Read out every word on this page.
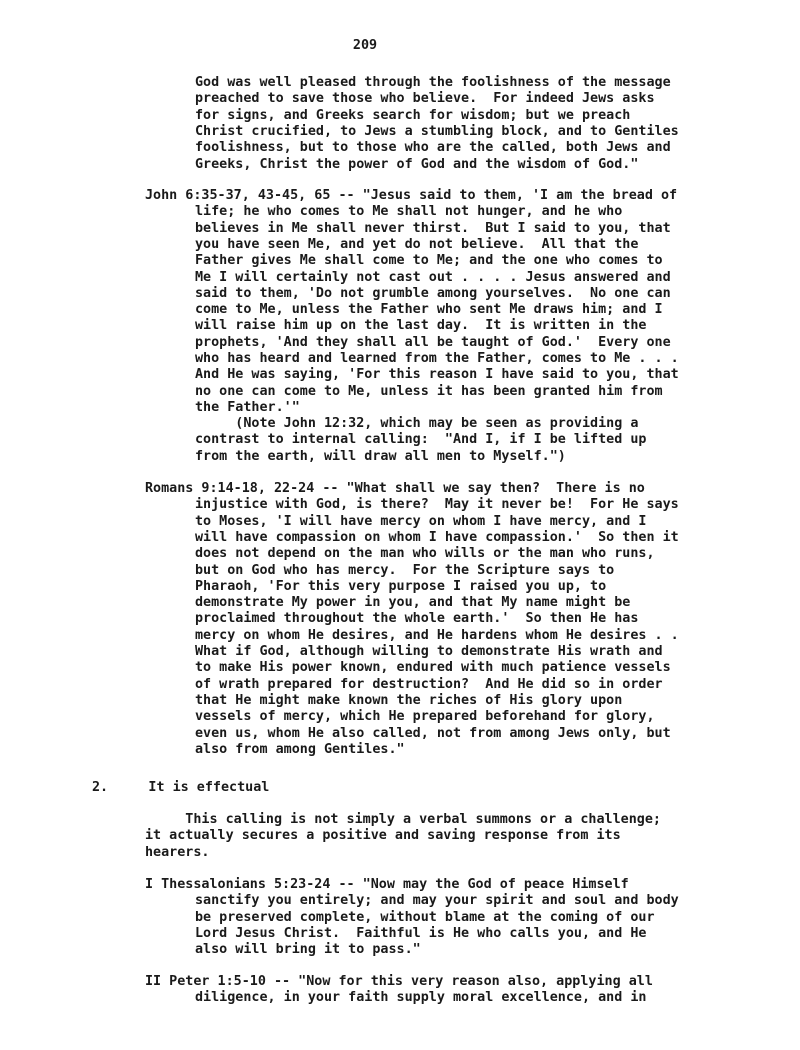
209
God was well pleased through the foolishness of the message
preached to save those who believe.  For indeed Jews asks
for signs, and Greeks search for wisdom; but we preach
Christ crucified, to Jews a stumbling block, and to Gentiles
foolishness, but to those who are the called, both Jews and
Greeks, Christ the power of God and the wisdom of God."
John 6:35-37, 43-45, 65 -- "Jesus said to them, 'I am the bread of
life; he who comes to Me shall not hunger, and he who
believes in Me shall never thirst.  But I said to you, that
you have seen Me, and yet do not believe.  All that the
Father gives Me shall come to Me; and the one who comes to
Me I will certainly not cast out . . . . Jesus answered and
said to them, 'Do not grumble among yourselves.  No one can
come to Me, unless the Father who sent Me draws him; and I
will raise him up on the last day.  It is written in the
prophets, 'And they shall all be taught of God.'  Every one
who has heard and learned from the Father, comes to Me . . .
And He was saying, 'For this reason I have said to you, that
no one can come to Me, unless it has been granted him from
the Father.'"
(Note John 12:32, which may be seen as providing a
contrast to internal calling:  "And I, if I be lifted up
from the earth, will draw all men to Myself.")
Romans 9:14-18, 22-24 -- "What shall we say then?  There is no
injustice with God, is there?  May it never be!  For He says
to Moses, 'I will have mercy on whom I have mercy, and I
will have compassion on whom I have compassion.'  So then it
does not depend on the man who wills or the man who runs,
but on God who has mercy.  For the Scripture says to
Pharaoh, 'For this very purpose I raised you up, to
demonstrate My power in you, and that My name might be
proclaimed throughout the whole earth.'  So then He has
mercy on whom He desires, and He hardens whom He desires . .
What if God, although willing to demonstrate His wrath and
to make His power known, endured with much patience vessels
of wrath prepared for destruction?  And He did so in order
that He might make known the riches of His glory upon
vessels of mercy, which He prepared beforehand for glory,
even us, whom He also called, not from among Jews only, but
also from among Gentiles."
2.     It is effectual
This calling is not simply a verbal summons or a challenge;
it actually secures a positive and saving response from its
hearers.
I Thessalonians 5:23-24 -- "Now may the God of peace Himself
sanctify you entirely; and may your spirit and soul and body
be preserved complete, without blame at the coming of our
Lord Jesus Christ.  Faithful is He who calls you, and He
also will bring it to pass."
II Peter 1:5-10 -- "Now for this very reason also, applying all
diligence, in your faith supply moral excellence, and in
